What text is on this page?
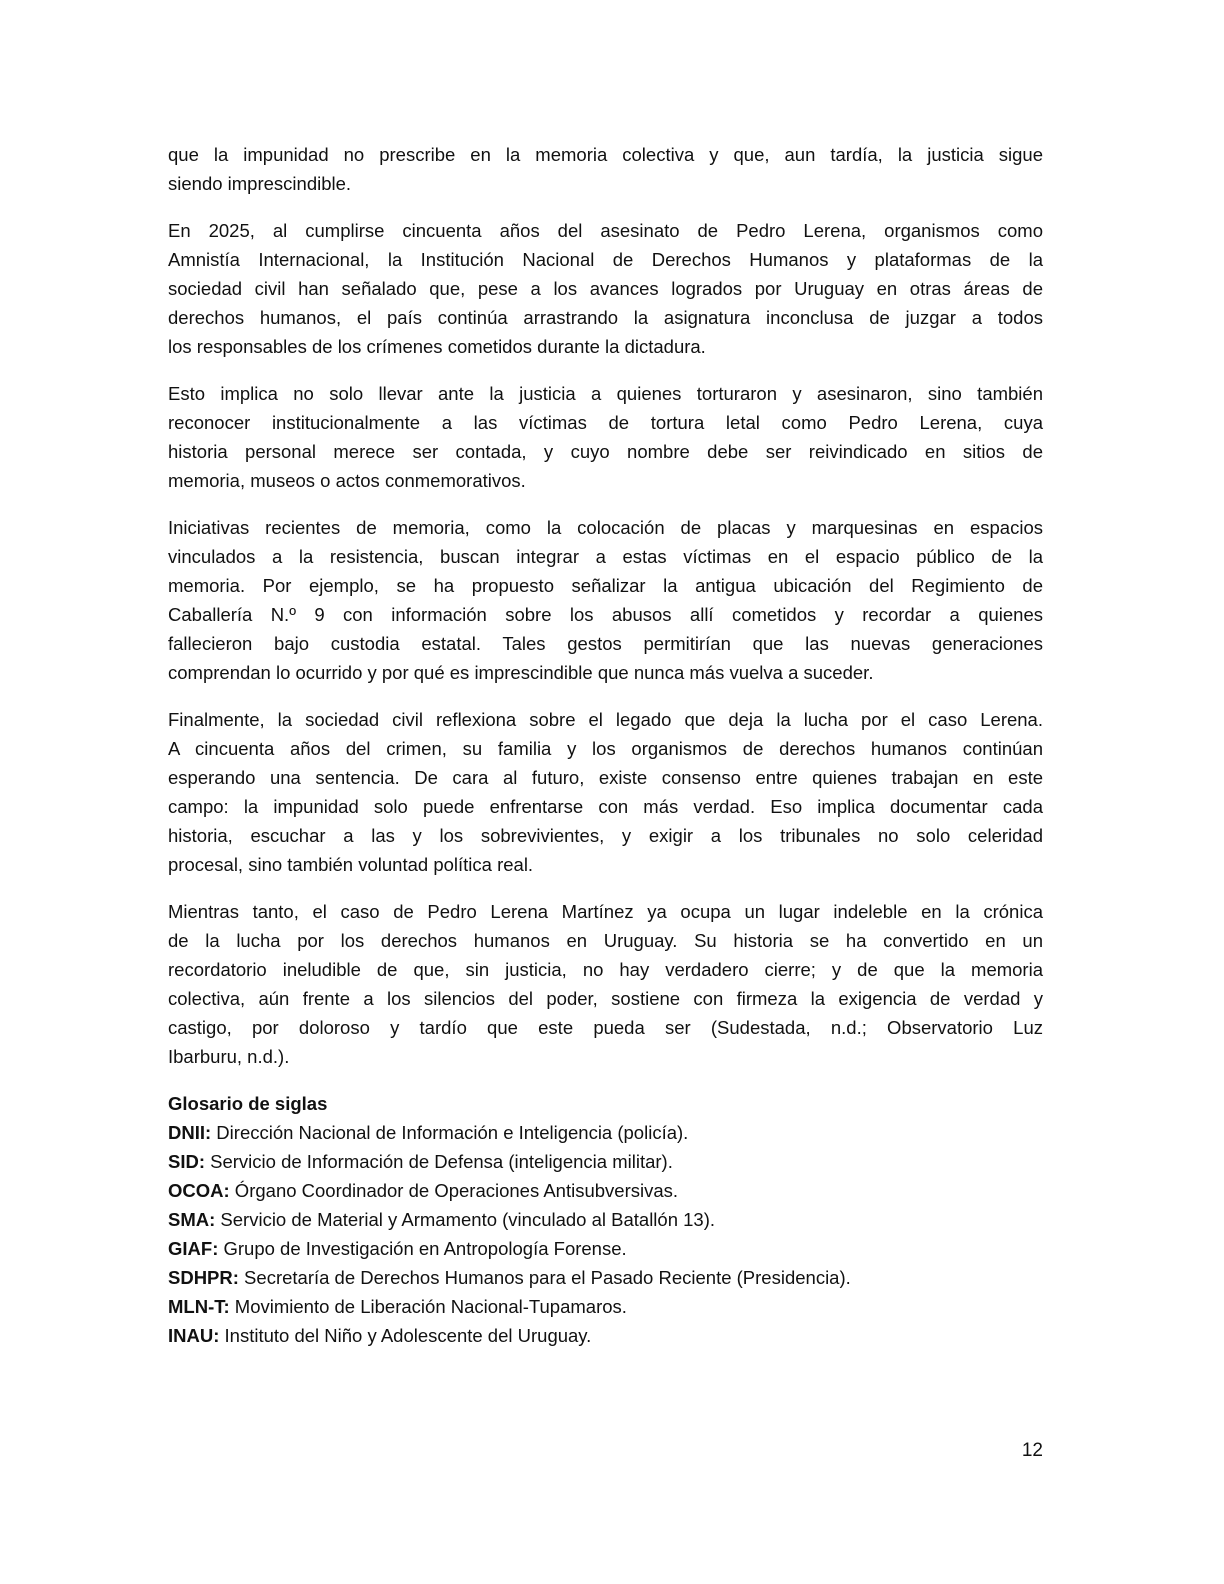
que la impunidad no prescribe en la memoria colectiva y que, aun tardía, la justicia sigue
siendo imprescindible.
En 2025, al cumplirse cincuenta años del asesinato de Pedro Lerena, organismos como
Amnistía Internacional, la Institución Nacional de Derechos Humanos y plataformas de la
sociedad civil han señalado que, pese a los avances logrados por Uruguay en otras áreas de
derechos humanos, el país continúa arrastrando la asignatura inconclusa de juzgar a todos
los responsables de los crímenes cometidos durante la dictadura.
Esto implica no solo llevar ante la justicia a quienes torturaron y asesinaron, sino también
reconocer institucionalmente a las víctimas de tortura letal como Pedro Lerena, cuya
historia personal merece ser contada, y cuyo nombre debe ser reivindicado en sitios de
memoria, museos o actos conmemorativos.
Iniciativas recientes de memoria, como la colocación de placas y marquesinas en espacios
vinculados a la resistencia, buscan integrar a estas víctimas en el espacio público de la
memoria. Por ejemplo, se ha propuesto señalizar la antigua ubicación del Regimiento de
Caballería N.º 9 con información sobre los abusos allí cometidos y recordar a quienes
fallecieron bajo custodia estatal. Tales gestos permitirían que las nuevas generaciones
comprendan lo ocurrido y por qué es imprescindible que nunca más vuelva a suceder.
Finalmente, la sociedad civil reflexiona sobre el legado que deja la lucha por el caso Lerena.
A cincuenta años del crimen, su familia y los organismos de derechos humanos continúan
esperando una sentencia. De cara al futuro, existe consenso entre quienes trabajan en este
campo: la impunidad solo puede enfrentarse con más verdad. Eso implica documentar cada
historia, escuchar a las y los sobrevivientes, y exigir a los tribunales no solo celeridad
procesal, sino también voluntad política real.
Mientras tanto, el caso de Pedro Lerena Martínez ya ocupa un lugar indeleble en la crónica
de la lucha por los derechos humanos en Uruguay. Su historia se ha convertido en un
recordatorio ineludible de que, sin justicia, no hay verdadero cierre; y de que la memoria
colectiva, aún frente a los silencios del poder, sostiene con firmeza la exigencia de verdad y
castigo, por doloroso y tardío que este pueda ser (Sudestada, n.d.; Observatorio Luz
Ibarburu, n.d.).
Glosario de siglas
DNII: Dirección Nacional de Información e Inteligencia (policía).
SID: Servicio de Información de Defensa (inteligencia militar).
OCOA: Órgano Coordinador de Operaciones Antisubversivas.
SMA: Servicio de Material y Armamento (vinculado al Batallón 13).
GIAF: Grupo de Investigación en Antropología Forense.
SDHPR: Secretaría de Derechos Humanos para el Pasado Reciente (Presidencia).
MLN-T: Movimiento de Liberación Nacional-Tupamaros.
INAU: Instituto del Niño y Adolescente del Uruguay.
12
